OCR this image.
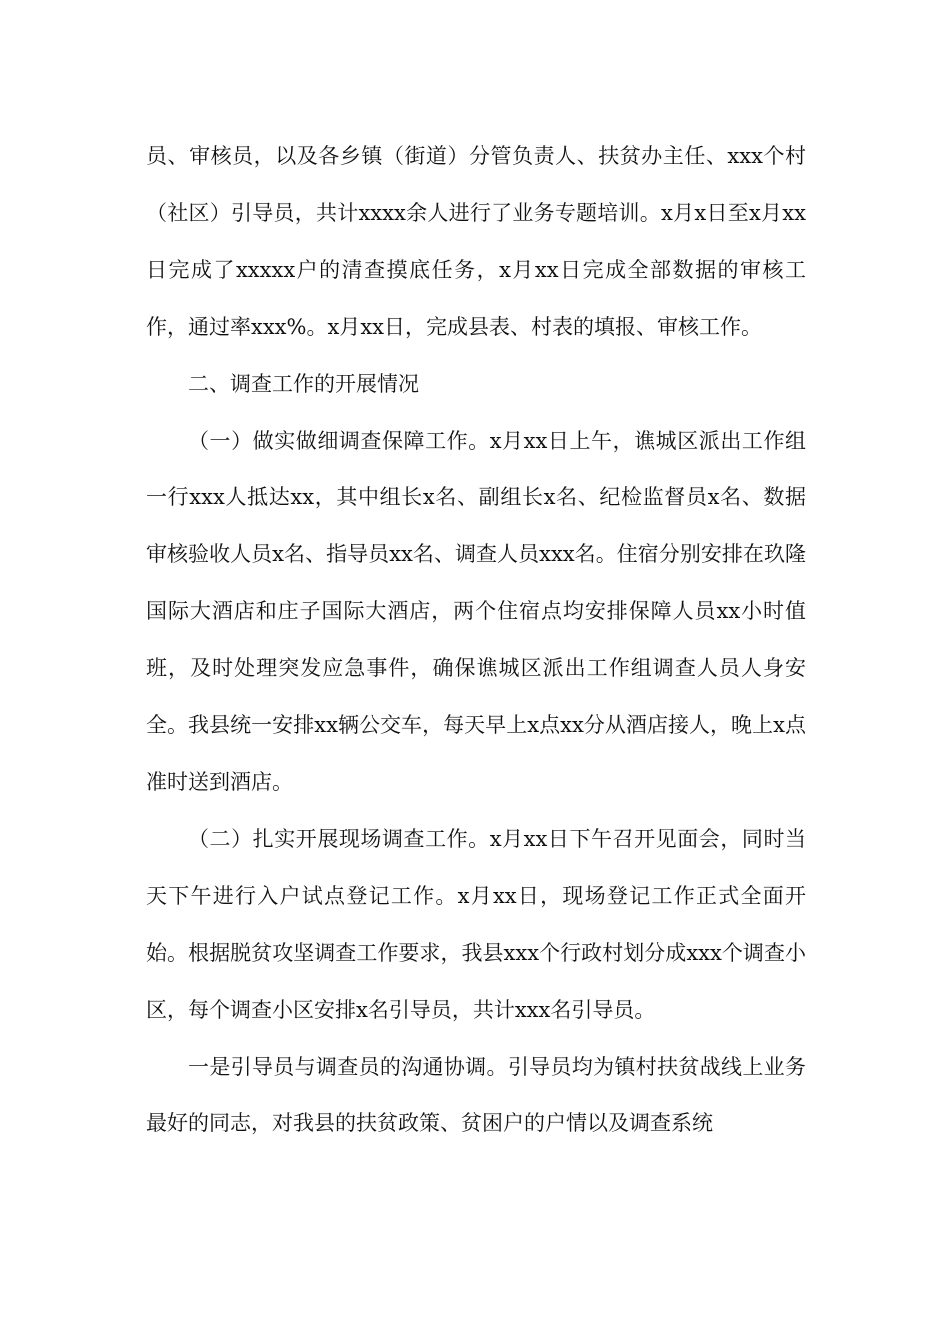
员、审核员，以及各乡镇（街道）分管负责人、扶贫办主任、xxx个村（社区）引导员，共计xxxx余人进行了业务专题培训。x月x日至x月xx日完成了xxxxx户的清查摸底任务，x月xx日完成全部数据的审核工作，通过率xxx%。x月xx日，完成县表、村表的填报、审核工作。

二、调查工作的开展情况

（一）做实做细调查保障工作。x月xx日上午，谯城区派出工作组一行xxx人抵达xx，其中组长x名、副组长x名、纪检监督员x名、数据审核验收人员x名、指导员xx名、调查人员xxx名。住宿分别安排在玖隆国际大酒店和庄子国际大酒店，两个住宿点均安排保障人员xx小时值班，及时处理突发应急事件，确保谯城区派出工作组调查人员人身安全。我县统一安排xx辆公交车，每天早上x点xx分从酒店接人，晚上x点准时送到酒店。

（二）扎实开展现场调查工作。x月xx日下午召开见面会，同时当天下午进行入户试点登记工作。x月xx日，现场登记工作正式全面开始。根据脱贫攻坚调查工作要求，我县xxx个行政村划分成xxx个调查小区，每个调查小区安排x名引导员，共计xxx名引导员。

一是引导员与调查员的沟通协调。引导员均为镇村扶贫战线上业务最好的同志，对我县的扶贫政策、贫困户的户情以及调查系统
